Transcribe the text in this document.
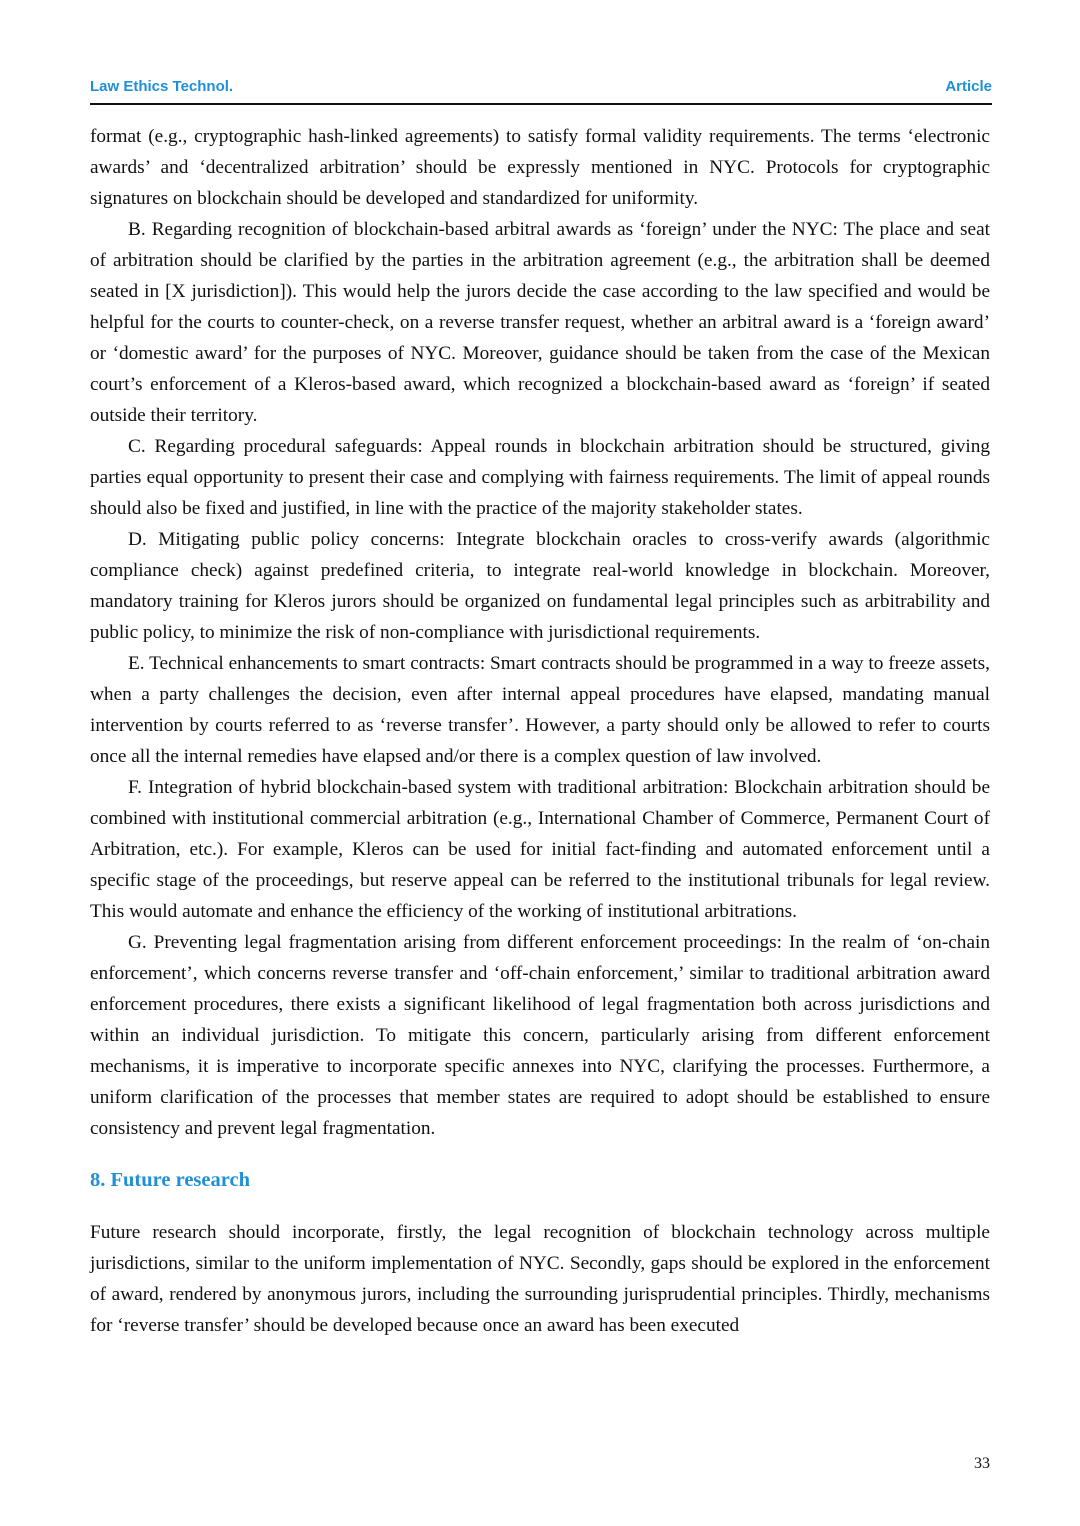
Law Ethics Technol.	Article

format (e.g., cryptographic hash-linked agreements) to satisfy formal validity requirements. The terms ‘electronic awards’ and ‘decentralized arbitration’ should be expressly mentioned in NYC. Protocols for cryptographic signatures on blockchain should be developed and standardized for uniformity.

B. Regarding recognition of blockchain-based arbitral awards as ‘foreign’ under the NYC: The place and seat of arbitration should be clarified by the parties in the arbitration agreement (e.g., the arbitration shall be deemed seated in [X jurisdiction]). This would help the jurors decide the case according to the law specified and would be helpful for the courts to counter-check, on a reverse transfer request, whether an arbitral award is a ‘foreign award’ or ‘domestic award’ for the purposes of NYC. Moreover, guidance should be taken from the case of the Mexican court’s enforcement of a Kleros-based award, which recognized a blockchain-based award as ‘foreign’ if seated outside their territory.

C. Regarding procedural safeguards: Appeal rounds in blockchain arbitration should be structured, giving parties equal opportunity to present their case and complying with fairness requirements. The limit of appeal rounds should also be fixed and justified, in line with the practice of the majority stakeholder states.

D. Mitigating public policy concerns: Integrate blockchain oracles to cross-verify awards (algorithmic compliance check) against predefined criteria, to integrate real-world knowledge in blockchain. Moreover, mandatory training for Kleros jurors should be organized on fundamental legal principles such as arbitrability and public policy, to minimize the risk of non-compliance with jurisdictional requirements.

E. Technical enhancements to smart contracts: Smart contracts should be programmed in a way to freeze assets, when a party challenges the decision, even after internal appeal procedures have elapsed, mandating manual intervention by courts referred to as ‘reverse transfer’. However, a party should only be allowed to refer to courts once all the internal remedies have elapsed and/or there is a complex question of law involved.

F. Integration of hybrid blockchain-based system with traditional arbitration: Blockchain arbitration should be combined with institutional commercial arbitration (e.g., International Chamber of Commerce, Permanent Court of Arbitration, etc.). For example, Kleros can be used for initial fact-finding and automated enforcement until a specific stage of the proceedings, but reserve appeal can be referred to the institutional tribunals for legal review. This would automate and enhance the efficiency of the working of institutional arbitrations.

G. Preventing legal fragmentation arising from different enforcement proceedings: In the realm of ‘on-chain enforcement’, which concerns reverse transfer and ‘off-chain enforcement,’ similar to traditional arbitration award enforcement procedures, there exists a significant likelihood of legal fragmentation both across jurisdictions and within an individual jurisdiction. To mitigate this concern, particularly arising from different enforcement mechanisms, it is imperative to incorporate specific annexes into NYC, clarifying the processes. Furthermore, a uniform clarification of the processes that member states are required to adopt should be established to ensure consistency and prevent legal fragmentation.

8. Future research

Future research should incorporate, firstly, the legal recognition of blockchain technology across multiple jurisdictions, similar to the uniform implementation of NYC. Secondly, gaps should be explored in the enforcement of award, rendered by anonymous jurors, including the surrounding jurisprudential principles. Thirdly, mechanisms for ‘reverse transfer’ should be developed because once an award has been executed

33
